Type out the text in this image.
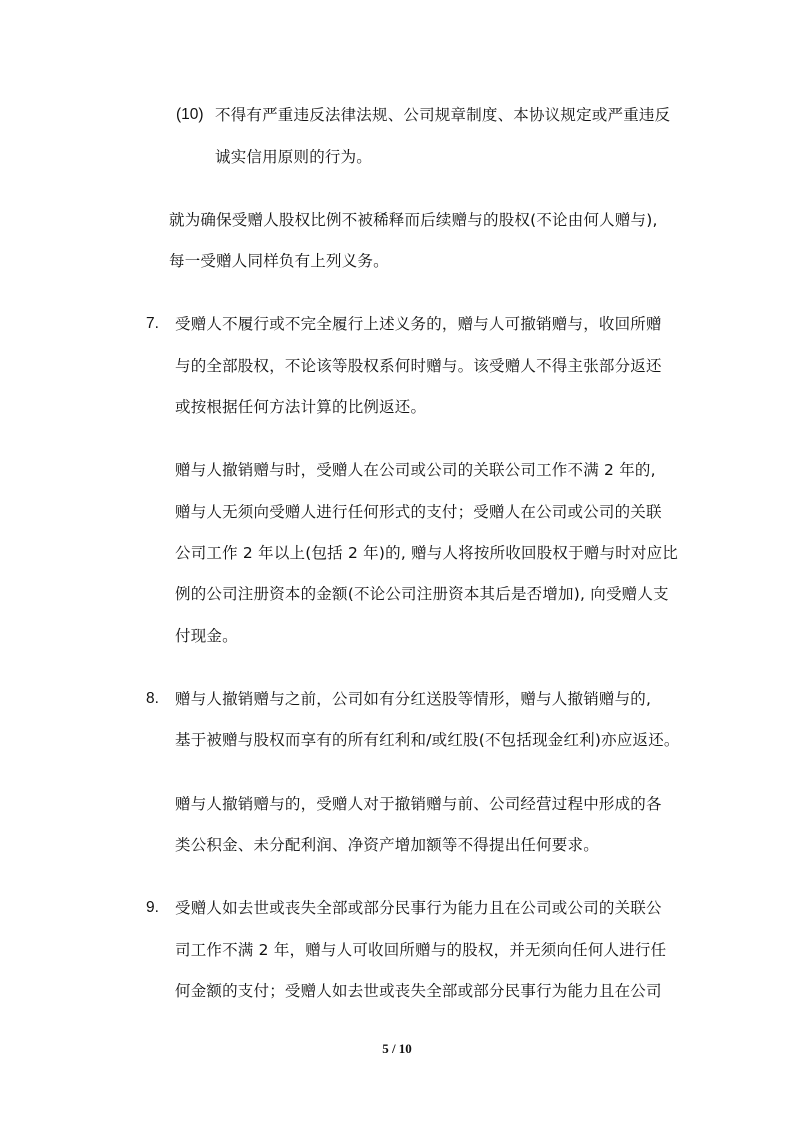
(10) 不得有严重违反法律法规、公司规章制度、本协议规定或严重违反
诚实信用原则的行为。
就为确保受赠人股权比例不被稀释而后续赠与的股权(不论由何人赠与),
每一受赠人同样负有上列义务。
7. 受赠人不履行或不完全履行上述义务的，赠与人可撤销赠与，收回所赠
与的全部股权，不论该等股权系何时赠与。该受赠人不得主张部分返还
或按根据任何方法计算的比例返还。
赠与人撤销赠与时，受赠人在公司或公司的关联公司工作不满 2 年的,
赠与人无须向受赠人进行任何形式的支付；受赠人在公司或公司的关联
公司工作 2 年以上(包括 2 年)的, 赠与人将按所收回股权于赠与时对应比
例的公司注册资本的金额(不论公司注册资本其后是否增加), 向受赠人支
付现金。
8. 赠与人撤销赠与之前，公司如有分红送股等情形，赠与人撤销赠与的,
基于被赠与股权而享有的所有红利和/或红股(不包括现金红利)亦应返还。
赠与人撤销赠与的，受赠人对于撤销赠与前、公司经营过程中形成的各
类公积金、未分配利润、净资产增加额等不得提出任何要求。
9. 受赠人如去世或丧失全部或部分民事行为能力且在公司或公司的关联公
司工作不满 2 年，赠与人可收回所赠与的股权，并无须向任何人进行任
何金额的支付；受赠人如去世或丧失全部或部分民事行为能力且在公司
5 / 10
